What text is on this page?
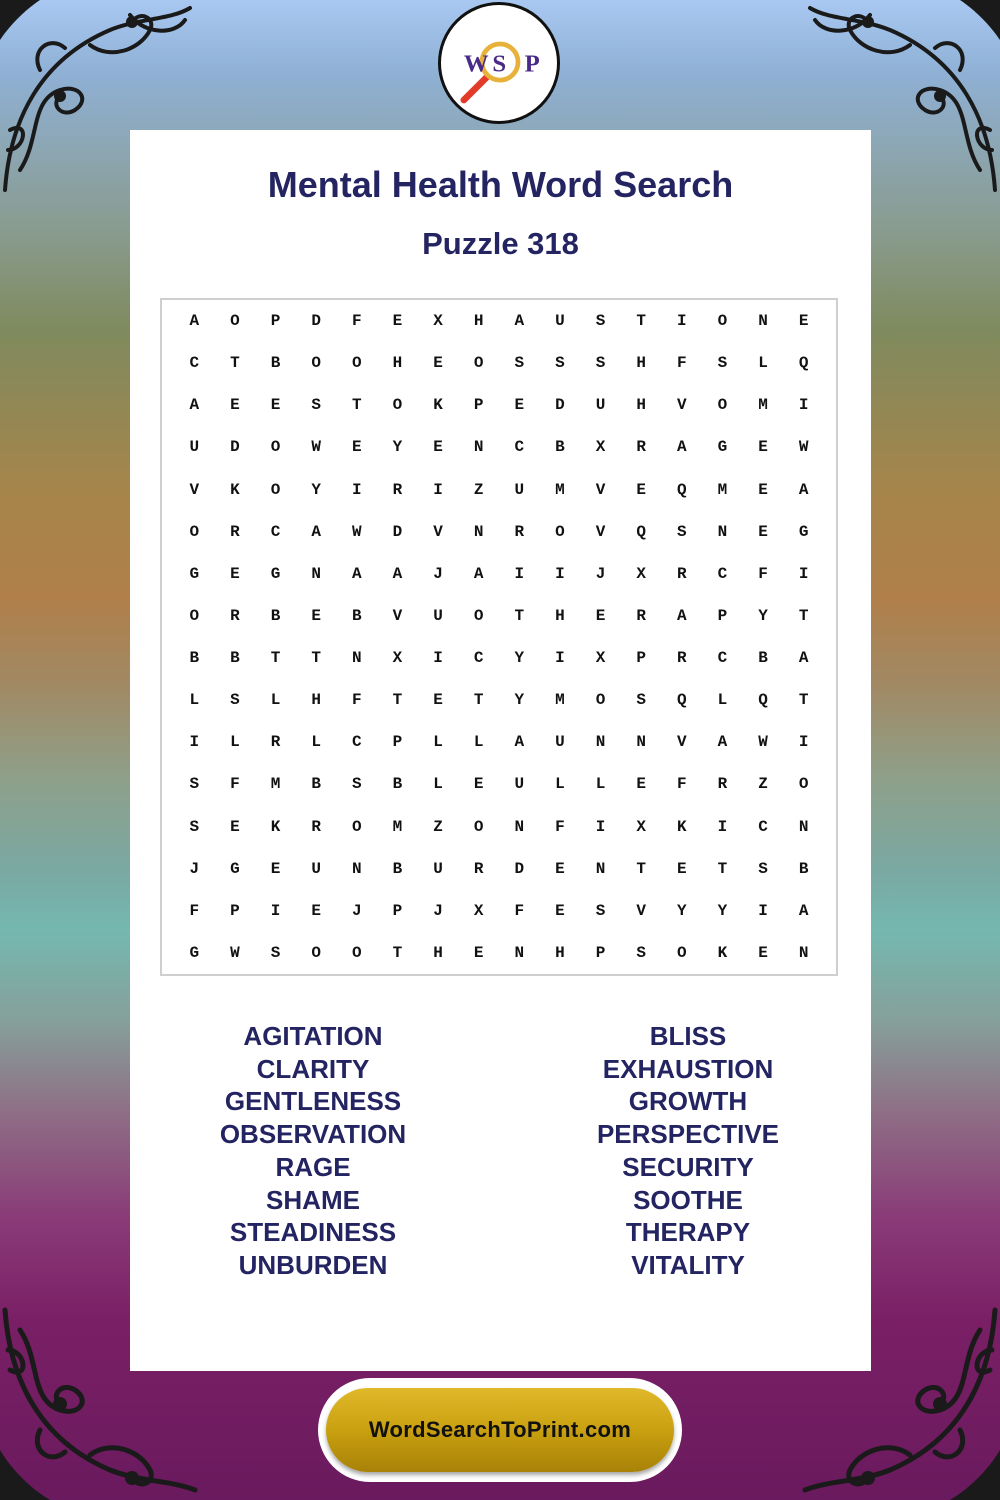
W S P
Mental Health Word Search
Puzzle 318
A	O	P	D	F	E	X	H	A	U	S	T	I	O	N	E
C	T	B	O	O	H	E	O	S	S	S	H	F	S	L	Q
A	E	E	S	T	O	K	P	E	D	U	H	V	O	M	I
U	D	O	W	E	Y	E	N	C	B	X	R	A	G	E	W
V	K	O	Y	I	R	I	Z	U	M	V	E	Q	M	E	A
O	R	C	A	W	D	V	N	R	O	V	Q	S	N	E	G
G	E	G	N	A	A	J	A	I	I	J	X	R	C	F	I
O	R	B	E	B	V	U	O	T	H	E	R	A	P	Y	T
B	B	T	T	N	X	I	C	Y	I	X	P	R	C	B	A
L	S	L	H	F	T	E	T	Y	M	O	S	Q	L	Q	T
I	L	R	L	C	P	L	L	A	U	N	N	V	A	W	I
S	F	M	B	S	B	L	E	U	L	L	E	F	R	Z	O
S	E	K	R	O	M	Z	O	N	F	I	X	K	I	C	N
J	G	E	U	N	B	U	R	D	E	N	T	E	T	S	B
F	P	I	E	J	P	J	X	F	E	S	V	Y	Y	I	A
G	W	S	O	O	T	H	E	N	H	P	S	O	K	E	N
AGITATION
CLARITY
GENTLENESS
OBSERVATION
RAGE
SHAME
STEADINESS
UNBURDEN
BLISS
EXHAUSTION
GROWTH
PERSPECTIVE
SECURITY
SOOTHE
THERAPY
VITALITY
WordSearchToPrint.com
